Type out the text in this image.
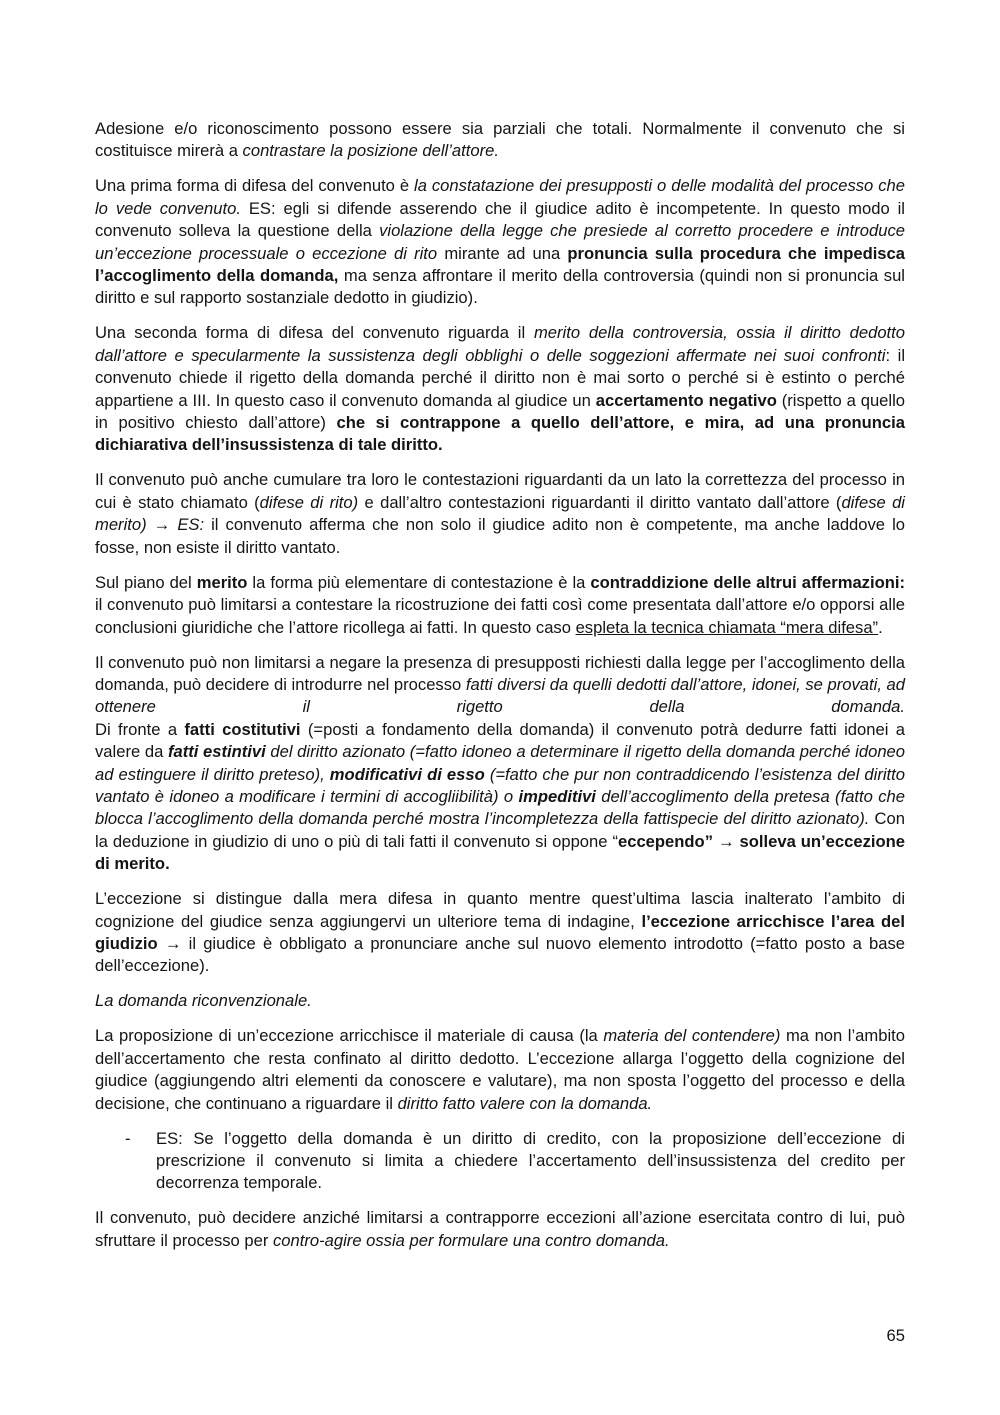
Adesione e/o riconoscimento possono essere sia parziali che totali. Normalmente il convenuto che si costituisce mirerà a contrastare la posizione dell’attore.

Una prima forma di difesa del convenuto è la constatazione dei presupposti o delle modalità del processo che lo vede convenuto. ES: egli si difende asserendo che il giudice adito è incompetente. In questo modo il convenuto solleva la questione della violazione della legge che presiede al corretto procedere e introduce un’eccezione processuale o eccezione di rito mirante ad una pronuncia sulla procedura che impedisca l’accoglimento della domanda, ma senza affrontare il merito della controversia (quindi non si pronuncia sul diritto e sul rapporto sostanziale dedotto in giudizio).

Una seconda forma di difesa del convenuto riguarda il merito della controversia, ossia il diritto dedotto dall’attore e specularmente la sussistenza degli obblighi o delle soggezioni affermate nei suoi confronti: il convenuto chiede il rigetto della domanda perché il diritto non è mai sorto o perché si è estinto o perché appartiene a III. In questo caso il convenuto domanda al giudice un accertamento negativo (rispetto a quello in positivo chiesto dall’attore) che si contrappone a quello dell’attore, e mira, ad una pronuncia dichiarativa dell’insussistenza di tale diritto.

Il convenuto può anche cumulare tra loro le contestazioni riguardanti da un lato la correttezza del processo in cui è stato chiamato (difese di rito) e dall’altro contestazioni riguardanti il diritto vantato dall’attore (difese di merito) → ES: il convenuto afferma che non solo il giudice adito non è competente, ma anche laddove lo fosse, non esiste il diritto vantato.

Sul piano del merito la forma più elementare di contestazione è la contraddizione delle altrui affermazioni: il convenuto può limitarsi a contestare la ricostruzione dei fatti così come presentata dall’attore e/o opporsi alle conclusioni giuridiche che l’attore ricollega ai fatti. In questo caso espleta la tecnica chiamata “mera difesa”.

Il convenuto può non limitarsi a negare la presenza di presupposti richiesti dalla legge per l’accoglimento della domanda, può decidere di introdurre nel processo fatti diversi da quelli dedotti dall’attore, idonei, se provati, ad ottenere il rigetto della domanda.

Di fronte a fatti costitutivi (=posti a fondamento della domanda) il convenuto potrà dedurre fatti idonei a valere da fatti estintivi del diritto azionato (=fatto idoneo a determinare il rigetto della domanda perché idoneo ad estinguere il diritto preteso), modificativi di esso (=fatto che pur non contraddicendo l’esistenza del diritto vantato è idoneo a modificare i termini di accogliibilità) o impeditivi dell’accoglimento della pretesa (fatto che blocca l’accoglimento della domanda perché mostra l’incompletezza della fattispecie del diritto azionato). Con la deduzione in giudizio di uno o più di tali fatti il convenuto si oppone “eccependo” → solleva un’eccezione di merito.

L’eccezione si distingue dalla mera difesa in quanto mentre quest’ultima lascia inalterato l’ambito di cognizione del giudice senza aggiungervi un ulteriore tema di indagine, l’eccezione arricchisce l’area del giudizio → il giudice è obbligato a pronunciare anche sul nuovo elemento introdotto (=fatto posto a base dell’eccezione).

La domanda riconvenzionale.

La proposizione di un’eccezione arricchisce il materiale di causa (la materia del contendere) ma non l’ambito dell’accertamento che resta confinato al diritto dedotto. L’eccezione allarga l’oggetto della cognizione del giudice (aggiungendo altri elementi da conoscere e valutare), ma non sposta l’oggetto del processo e della decisione, che continuano a riguardare il diritto fatto valere con la domanda.

-	ES: Se l’oggetto della domanda è un diritto di credito, con la proposizione dell’eccezione di prescrizione il convenuto si limita a chiedere l’accertamento dell’insussistenza del credito per decorrenza temporale.

Il convenuto, può decidere anziché limitarsi a contrapporre eccezioni all’azione esercitata contro di lui, può sfruttare il processo per contro-agire ossia per formulare una contro domanda.

65
